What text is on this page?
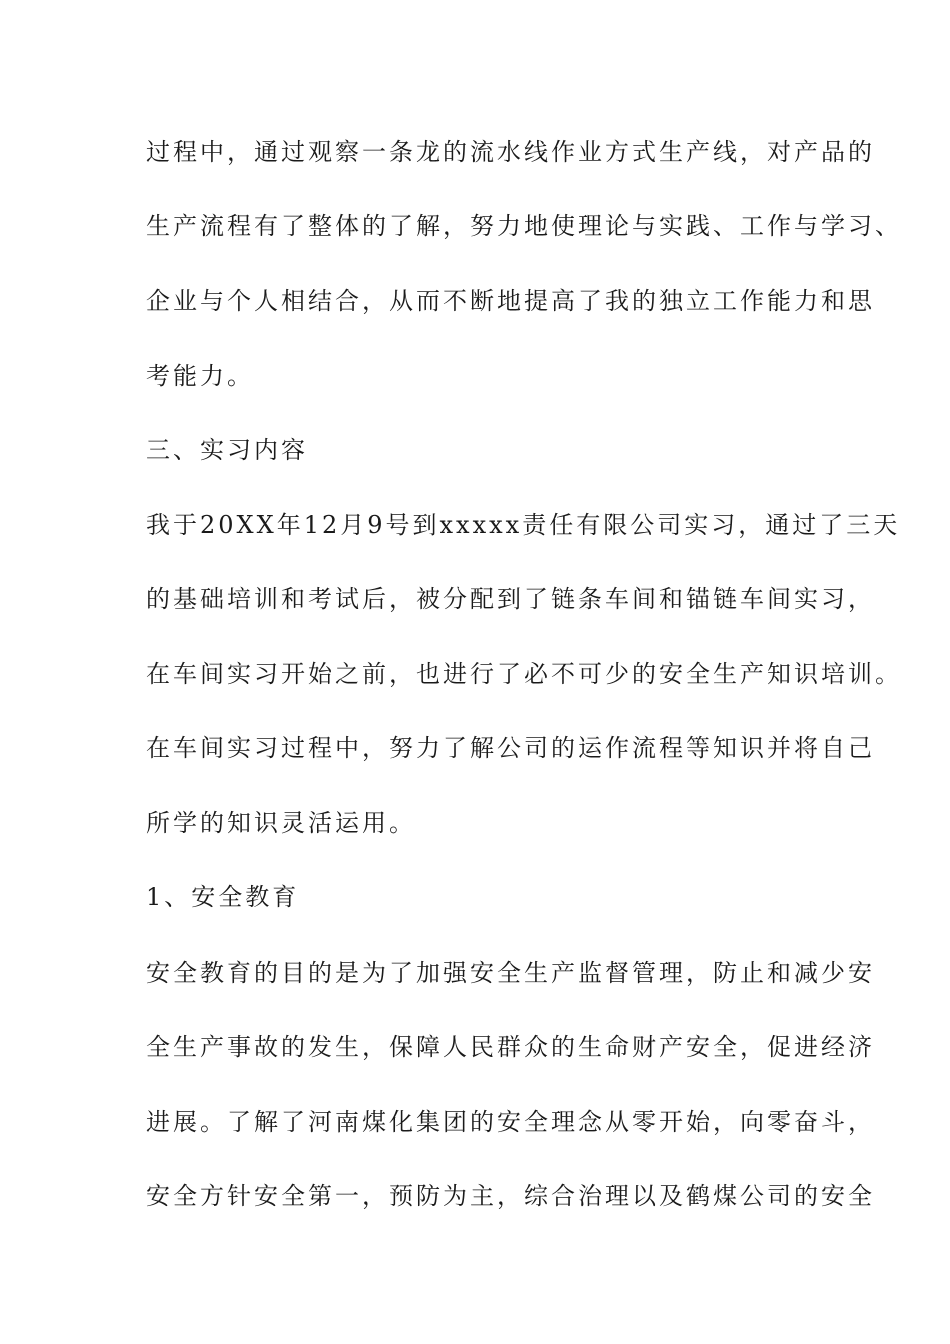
过程中，通过观察一条龙的流水线作业方式生产线，对产品的
生产流程有了整体的了解，努力地使理论与实践、工作与学习、
企业与个人相结合，从而不断地提高了我的独立工作能力和思
考能力。
三、实习内容
我于20XX年12月9号到xxxxx责任有限公司实习，通过了三天
的基础培训和考试后，被分配到了链条车间和锚链车间实习，
在车间实习开始之前，也进行了必不可少的安全生产知识培训。
在车间实习过程中，努力了解公司的运作流程等知识并将自己
所学的知识灵活运用。
1、安全教育
安全教育的目的是为了加强安全生产监督管理，防止和减少安
全生产事故的发生，保障人民群众的生命财产安全，促进经济
进展。了解了河南煤化集团的安全理念从零开始，向零奋斗，
安全方针安全第一，预防为主，综合治理以及鹤煤公司的安全
